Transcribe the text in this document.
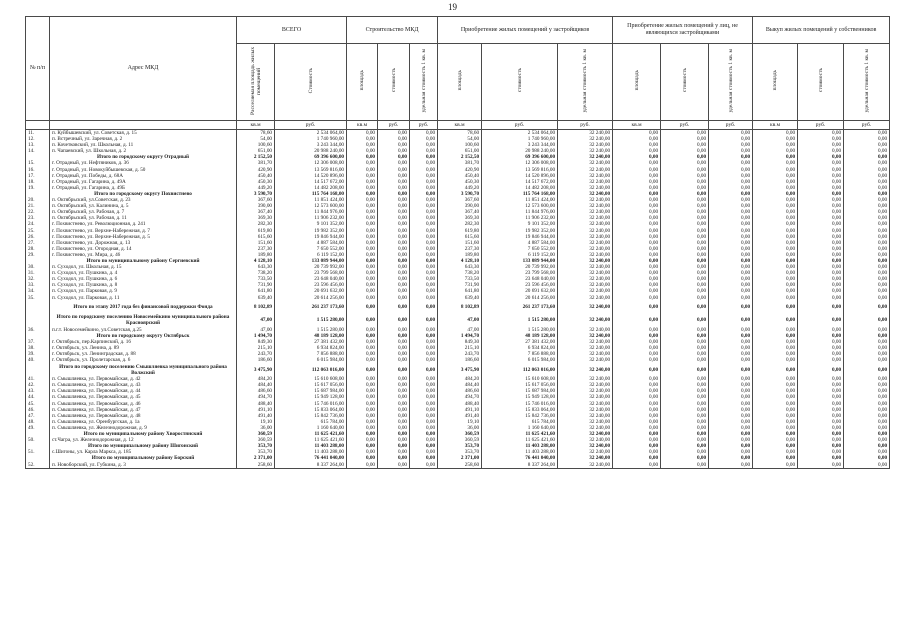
19
№ п/п	Адрес МКД	ВСЕГО		Строительство МКД			Приобретение жилых помещений у застройщиков			Приобретение жилых помещений у лиц, не являющихся застройщиками			Выкуп жилых помещений у собственников		
		Расселяемая площадь жилых помещений	Стоимость	площадь	стоимость	удельная стоимость 1 кв. м	площадь	стоимость	удельная стоимость 1 кв. м	площадь	стоимость	удельная стоимость 1 кв. м	площадь	стоимость	удельная стоимость 1 кв. м
		кв.м	руб.	кв.м	руб.	руб.	кв.м	руб.	руб.	кв.м	руб.	руб.	кв.м	руб.	руб.
11.	п. Куйбышевский, ул. Советская, д. 15	78,60	2 534 064,00	0,00	0,00	0,00	78,60	2 534 064,00	32 240,00	0,00	0,00	0,00	0,00	0,00	0,00
12.	п. Встречный, ул. Заречная, д. 2	54,00	1 740 960,00	0,00	0,00	0,00	54,00	1 740 960,00	32 240,00	0,00	0,00	0,00	0,00	0,00	0,00
13.	п. Кочетковский, ул. Школьная, д. 11	100,60	3 243 344,00	0,00	0,00	0,00	100,60	3 243 344,00	32 240,00	0,00	0,00	0,00	0,00	0,00	0,00
14.	п. Чапаевский, ул. Школьная, д. 2	651,00	20 988 240,00	0,00	0,00	0,00	651,00	20 988 240,00	32 240,00	0,00	0,00	0,00	0,00	0,00	0,00
	Итого по городскому округу Отрадный	2 152,50	69 396 600,00	0,00	0,00	0,00	2 152,50	69 396 600,00	32 240,00	0,00	0,00	0,00	0,00	0,00	0,00
15.	г. Отрадный, ул. Нефтяников, д. 36	381,70	12 306 008,00	0,00	0,00	0,00	381,70	12 306 008,00	32 240,00	0,00	0,00	0,00	0,00	0,00	0,00
16.	г. Отрадный, ул. Новокуйбышевская, д. 50	420,90	13 569 816,00	0,00	0,00	0,00	420,90	13 569 816,00	32 240,00	0,00	0,00	0,00	0,00	0,00	0,00
17.	г. Отрадный, ул. Победы, д. 68А	450,40	14 520 896,00	0,00	0,00	0,00	450,40	14 520 896,00	32 240,00	0,00	0,00	0,00	0,00	0,00	0,00
18.	г. Отрадный, ул. Гагарина, д. 49А	450,30	14 517 672,00	0,00	0,00	0,00	450,30	14 517 672,00	32 240,00	0,00	0,00	0,00	0,00	0,00	0,00
19.	г. Отрадный, ул. Гагарина, д. 49Б	449,20	14 482 208,00	0,00	0,00	0,00	449,20	14 482 208,00	32 240,00	0,00	0,00	0,00	0,00	0,00	0,00
	Итого по городскому округу Похвистнево	3 590,70	115 764 168,00	0,00	0,00	0,00	3 590,70	115 764 168,00	32 240,00	0,00	0,00	0,00	0,00	0,00	0,00
20.	п. Октябрьский, ул.Советская, д. 23	367,60	11 851 424,00	0,00	0,00	0,00	367,60	11 851 424,00	32 240,00	0,00	0,00	0,00	0,00	0,00	0,00
21.	п. Октябрьский, ул. Калинина, д. 5	390,00	12 573 600,00	0,00	0,00	0,00	390,00	12 573 600,00	32 240,00	0,00	0,00	0,00	0,00	0,00	0,00
22.	п. Октябрьский, ул. Рабочая, д. 7	367,40	11 844 976,00	0,00	0,00	0,00	367,40	11 844 976,00	32 240,00	0,00	0,00	0,00	0,00	0,00	0,00
23.	п. Октябрьский, ул. Рабочая, д. 11	369,30	11 906 232,00	0,00	0,00	0,00	369,30	11 906 232,00	32 240,00	0,00	0,00	0,00	0,00	0,00	0,00
24.	г. Похвистнево, ул. Революционная, д. 241	282,30	9 101 352,00	0,00	0,00	0,00	282,30	9 101 352,00	32 240,00	0,00	0,00	0,00	0,00	0,00	0,00
25.	г. Похвистнево, ул. Верхне-Набережная, д. 7	619,80	19 982 352,00	0,00	0,00	0,00	619,80	19 982 352,00	32 240,00	0,00	0,00	0,00	0,00	0,00	0,00
26.	г. Похвистнево, ул. Верхне-Набережная, д. 5	615,60	19 846 944,00	0,00	0,00	0,00	615,60	19 846 944,00	32 240,00	0,00	0,00	0,00	0,00	0,00	0,00
27.	г. Похвистнево, ул. Дорожная, д. 13	151,60	4 887 584,00	0,00	0,00	0,00	151,60	4 887 584,00	32 240,00	0,00	0,00	0,00	0,00	0,00	0,00
28.	г. Похвистнево, ул. Огородная, д. 14	237,30	7 650 552,00	0,00	0,00	0,00	237,30	7 650 552,00	32 240,00	0,00	0,00	0,00	0,00	0,00	0,00
29.	г. Похвистнево, ул. Мира, д. 46	189,80	6 119 152,00	0,00	0,00	0,00	189,80	6 119 152,00	32 240,00	0,00	0,00	0,00	0,00	0,00	0,00
	Итого по муниципальному району Сергиевский	4 128,10	133 089 944,00	0,00	0,00	0,00	4 128,10	133 089 944,00	32 240,00	0,00	0,00	0,00	0,00	0,00	0,00
30.	п. Суходол, ул. Школьная, д. 15	643,30	20 739 992,00	0,00	0,00	0,00	643,30	20 739 992,00	32 240,00	0,00	0,00	0,00	0,00	0,00	0,00
31.	п. Суходол, ул. Пушкина, д. 4	738,20	23 799 568,00	0,00	0,00	0,00	738,20	23 799 568,00	32 240,00	0,00	0,00	0,00	0,00	0,00	0,00
32.	п. Суходол, ул. Пушкина, д. 6	733,50	23 648 040,00	0,00	0,00	0,00	733,50	23 648 040,00	32 240,00	0,00	0,00	0,00	0,00	0,00	0,00
33.	п. Суходол, ул. Пушкина, д. 8	731,90	23 596 456,00	0,00	0,00	0,00	731,90	23 596 456,00	32 240,00	0,00	0,00	0,00	0,00	0,00	0,00
34.	п. Суходол, ул. Парковая, д. 9	641,80	20 691 632,00	0,00	0,00	0,00	641,80	20 691 632,00	32 240,00	0,00	0,00	0,00	0,00	0,00	0,00
35.	п. Суходол, ул. Парковая, д. 11	639,40	20 614 256,00	0,00	0,00	0,00	639,40	20 614 256,00	32 240,00	0,00	0,00	0,00	0,00	0,00	0,00
	Итого по этапу 2017 года без финансовой поддержки Фонда	8 102,89	261 237 173,60	0,00	0,00	0,00	8 102,89	261 237 173,60	32 240,00	0,00	0,00	0,00	0,00	0,00	0,00
	Итого по городскому поселению Новосемейкино муниципального района Красноярский	47,00	1 515 280,00	0,00	0,00	0,00	47,00	1 515 280,00	32 240,00	0,00	0,00	0,00	0,00	0,00	0,00
36.	п.г.т. Новосемейкино, ул.Советская, д.25	47,00	1 515 280,00	0,00	0,00	0,00	47,00	1 515 280,00	32 240,00	0,00	0,00	0,00	0,00	0,00	0,00
	Итого по городскому округу Октябрьск	1 494,70	48 189 128,00	0,00	0,00	0,00	1 494,70	48 189 128,00	32 240,00	0,00	0,00	0,00	0,00	0,00	0,00
37.	г. Октябрьск, пер.Карпинский, д. 16	849,30	27 381 432,00	0,00	0,00	0,00	849,30	27 381 432,00	32 240,00	0,00	0,00	0,00	0,00	0,00	0,00
38.	г. Октябрьск, ул. Ленина, д. 89	215,10	6 934 824,00	0,00	0,00	0,00	215,10	6 934 824,00	32 240,00	0,00	0,00	0,00	0,00	0,00	0,00
39.	г. Октябрьск, ул. Ленинградская, д. 88	243,70	7 856 888,00	0,00	0,00	0,00	243,70	7 856 888,00	32 240,00	0,00	0,00	0,00	0,00	0,00	0,00
40.	г. Октябрьск, ул. Пролетарская, д. 6	186,60	6 015 984,00	0,00	0,00	0,00	186,60	6 015 984,00	32 240,00	0,00	0,00	0,00	0,00	0,00	0,00
	Итого по городскому поселению Смышляевка муниципального района Волжский	3 475,90	112 063 016,00	0,00	0,00	0,00	3 475,90	112 063 016,00	32 240,00	0,00	0,00	0,00	0,00	0,00	0,00
41.	п. Смышляевка, ул. Первомайская, д. 42	484,20	15 610 608,00	0,00	0,00	0,00	484,20	15 610 608,00	32 240,00	0,00	0,00	0,00	0,00	0,00	0,00
42.	п. Смышляевка, ул. Первомайская, д. 43	484,40	15 617 056,00	0,00	0,00	0,00	484,40	15 617 056,00	32 240,00	0,00	0,00	0,00	0,00	0,00	0,00
43.	п. Смышляевка, ул. Первомайская, д. 44	486,60	15 687 984,00	0,00	0,00	0,00	486,60	15 687 984,00	32 240,00	0,00	0,00	0,00	0,00	0,00	0,00
44.	п. Смышляевка, ул. Первомайская, д. 45	494,70	15 949 128,00	0,00	0,00	0,00	494,70	15 949 128,00	32 240,00	0,00	0,00	0,00	0,00	0,00	0,00
45.	п. Смышляевка, ул. Первомайская, д. 46	488,40	15 746 016,00	0,00	0,00	0,00	488,40	15 746 016,00	32 240,00	0,00	0,00	0,00	0,00	0,00	0,00
46.	п. Смышляевка, ул. Первомайская, д. 47	491,10	15 833 064,00	0,00	0,00	0,00	491,10	15 833 064,00	32 240,00	0,00	0,00	0,00	0,00	0,00	0,00
47.	п. Смышляевка, ул. Первомайская, д. 48	491,40	15 842 736,00	0,00	0,00	0,00	491,40	15 842 736,00	32 240,00	0,00	0,00	0,00	0,00	0,00	0,00
48.	п. Смышляевка, ул. Оренбургская, д. 1а	19,10	615 784,00	0,00	0,00	0,00	19,10	615 784,00	32 240,00	0,00	0,00	0,00	0,00	0,00	0,00
49.	п. Смышляевка, ул. Железнодорожная, д. 9	36,00	1 160 640,00	0,00	0,00	0,00	36,00	1 160 640,00	32 240,00	0,00	0,00	0,00	0,00	0,00	0,00
	Итого по муниципальному району Хворостянский	360,59	11 625 421,60	0,00	0,00	0,00	360,59	11 625 421,60	32 240,00	0,00	0,00	0,00	0,00	0,00	0,00
50.	ст.Чагра, ул. Железнодорожная, д. 12	360,59	11 625 421,60	0,00	0,00	0,00	360,59	11 625 421,60	32 240,00	0,00	0,00	0,00	0,00	0,00	0,00
	Итого по муниципальному району Шигонский	353,70	11 403 288,00	0,00	0,00	0,00	353,70	11 403 288,00	32 240,00	0,00	0,00	0,00	0,00	0,00	0,00
51.	с.Шигоны, ул. Карла Маркса, д. 185	353,70	11 403 288,00	0,00	0,00	0,00	353,70	11 403 288,00	32 240,00	0,00	0,00	0,00	0,00	0,00	0,00
	Итого по муниципальному району Борский	2 371,00	76 441 040,00	0,00	0,00	0,00	2 371,00	76 441 040,00	32 240,00	0,00	0,00	0,00	0,00	0,00	0,00
52.	п. Новоборский, ул. Губкина, д. 3	258,60	8 337 264,00	0,00	0,00	0,00	258,60	8 337 264,00	32 240,00	0,00	0,00	0,00	0,00	0,00	0,00
